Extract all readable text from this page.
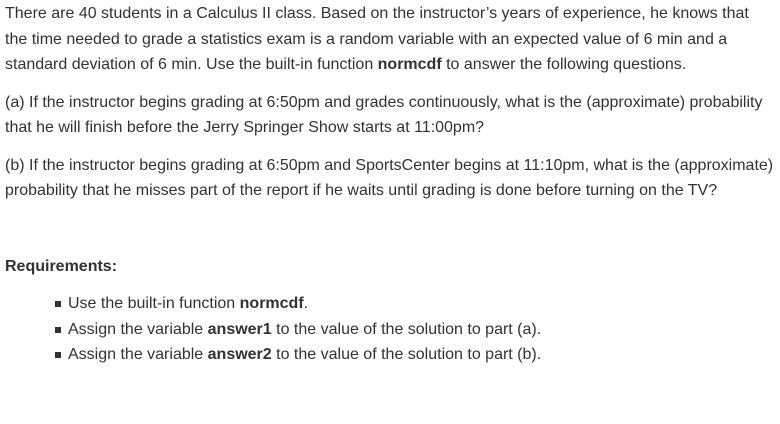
There are 40 students in a Calculus II class. Based on the instructor’s years of experience, he knows that the time needed to grade a statistics exam is a random variable with an expected value of 6 min and a standard deviation of 6 min. Use the built-in function normcdf to answer the following questions.

(a) If the instructor begins grading at 6:50pm and grades continuously, what is the (approximate) probability that he will finish before the Jerry Springer Show starts at 11:00pm?

(b) If the instructor begins grading at 6:50pm and SportsCenter begins at 11:10pm, what is the (approximate) probability that he misses part of the report if he waits until grading is done before turning on the TV?

Requirements:

Use the built-in function normcdf.
Assign the variable answer1 to the value of the solution to part (a).
Assign the variable answer2 to the value of the solution to part (b).
